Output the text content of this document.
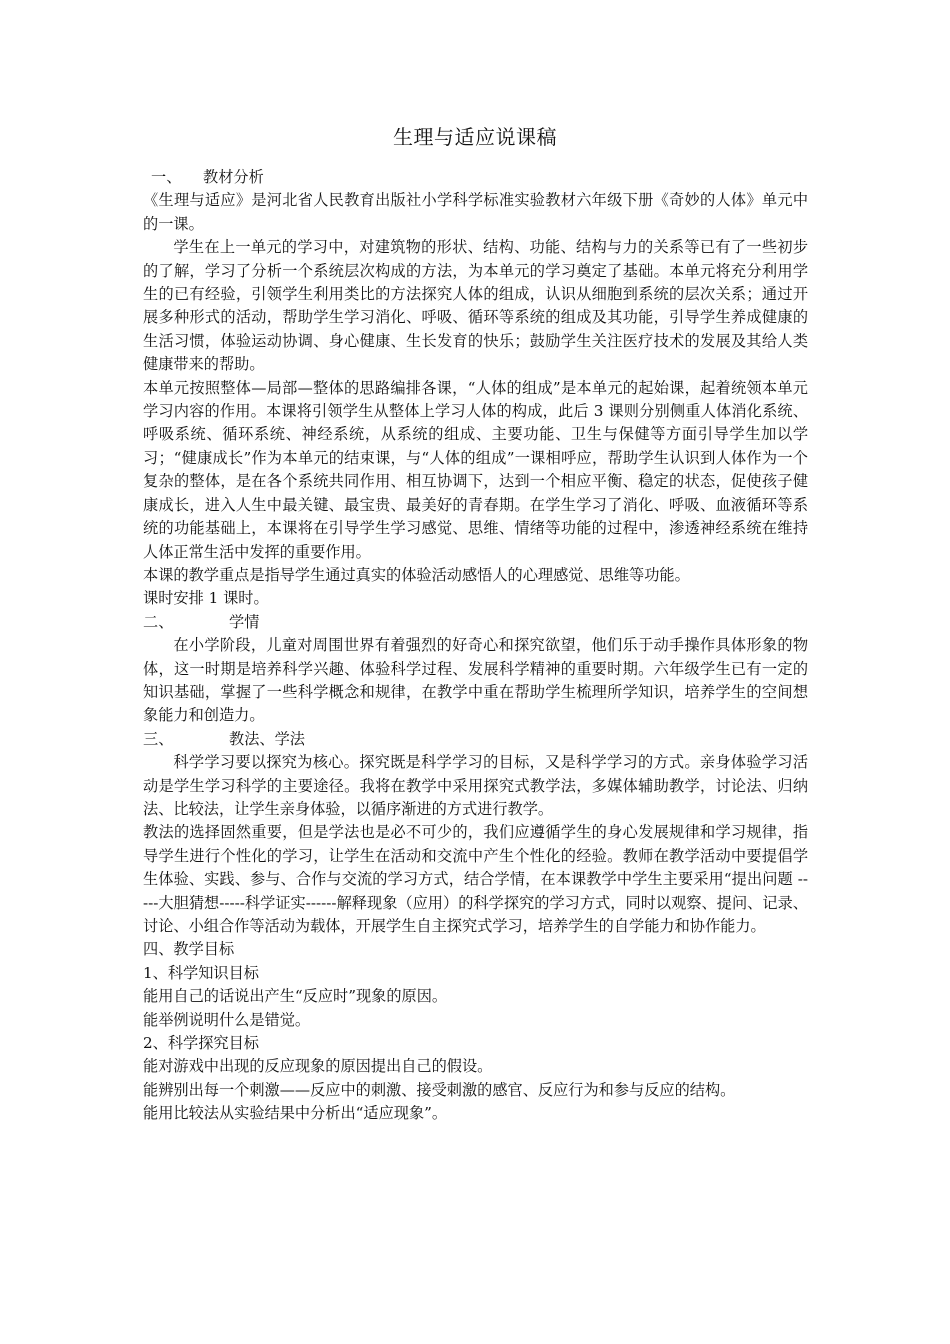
生理与适应说课稿
一、	教材分析

《生理与适应》是河北省人民教育出版社小学科学标准实验教材六年级下册《奇妙的人体》单元中的一课。

学生在上一单元的学习中，对建筑物的形状、结构、功能、结构与力的关系等已有了一些初步的了解，学习了分析一个系统层次构成的方法，为本单元的学习奠定了基础。本单元将充分利用学生的已有经验，引领学生利用类比的方法探究人体的组成，认识从细胞到系统的层次关系；通过开展多种形式的活动，帮助学生学习消化、呼吸、循环等系统的组成及其功能，引导学生养成健康的生活习惯，体验运动协调、身心健康、生长发育的快乐；鼓励学生关注医疗技术的发展及其给人类健康带来的帮助。

本单元按照整体—局部—整体的思路编排各课，“人体的组成”是本单元的起始课，起着统领本单元学习内容的作用。本课将引领学生从整体上学习人体的构成，此后 3 课则分别侧重人体消化系统、呼吸系统、循环系统、神经系统，从系统的组成、主要功能、卫生与保健等方面引导学生加以学习；“健康成长”作为本单元的结束课，与“人体的组成”一课相呼应，帮助学生认识到人体作为一个复杂的整体，是在各个系统共同作用、相互协调下，达到一个相应平衡、稳定的状态，促使孩子健康成长，进入人生中最关键、最宝贵、最美好的青春期。在学生学习了消化、呼吸、血液循环等系统的功能基础上，本课将在引导学生学习感觉、思维、情绪等功能的过程中，渗透神经系统在维持人体正常生活中发挥的重要作用。

本课的教学重点是指导学生通过真实的体验活动感悟人的心理感觉、思维等功能。

课时安排 1 课时。

二、	学情

在小学阶段，儿童对周围世界有着强烈的好奇心和探究欲望，他们乐于动手操作具体形象的物体，这一时期是培养科学兴趣、体验科学过程、发展科学精神的重要时期。六年级学生已有一定的知识基础，掌握了一些科学概念和规律，在教学中重在帮助学生梳理所学知识，培养学生的空间想象能力和创造力。

三、	教法、学法

科学学习要以探究为核心。探究既是科学学习的目标，又是科学学习的方式。亲身体验学习活动是学生学习科学的主要途径。我将在教学中采用探究式教学法，多媒体辅助教学，讨论法、归纳法、比较法，让学生亲身体验，以循序渐进的方式进行教学。

教法的选择固然重要，但是学法也是必不可少的，我们应遵循学生的身心发展规律和学习规律，指导学生进行个性化的学习，让学生在活动和交流中产生个性化的经验。教师在教学活动中要提倡学生体验、实践、参与、合作与交流的学习方式，结合学情，在本课教学中学生主要采用“提出问题 -----大胆猜想-----科学证实------解释现象（应用）的科学探究的学习方式，同时以观察、提问、记录、讨论、小组合作等活动为载体，开展学生自主探究式学习，培养学生的自学能力和协作能力。

四、教学目标

1、科学知识目标

能用自己的话说出产生“反应时”现象的原因。

能举例说明什么是错觉。

2、科学探究目标

能对游戏中出现的反应现象的原因提出自己的假设。

能辨别出每一个刺激——反应中的刺激、接受刺激的感官、反应行为和参与反应的结构。

能用比较法从实验结果中分析出“适应现象”。
